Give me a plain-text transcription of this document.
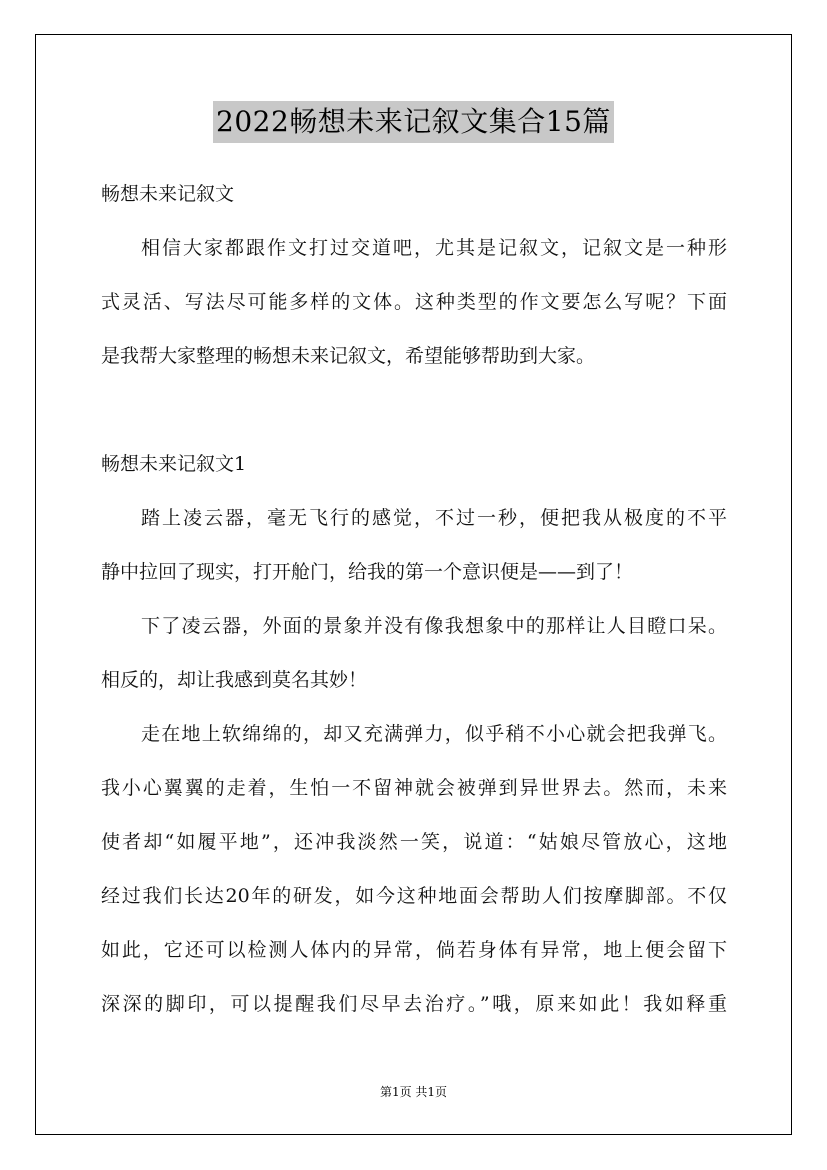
2022畅想未来记叙文集合15篇
畅想未来记叙文
相信大家都跟作文打过交道吧，尤其是记叙文，记叙文是一种形
式灵活、写法尽可能多样的文体。这种类型的作文要怎么写呢？下面
是我帮大家整理的畅想未来记叙文，希望能够帮助到大家。
畅想未来记叙文1
踏上凌云器，毫无飞行的感觉，不过一秒，便把我从极度的不平
静中拉回了现实，打开舱门，给我的第一个意识便是——到了！
下了凌云器，外面的景象并没有像我想象中的那样让人目瞪口呆。
相反的，却让我感到莫名其妙！
走在地上软绵绵的，却又充满弹力，似乎稍不小心就会把我弹飞。
我小心翼翼的走着，生怕一不留神就会被弹到异世界去。然而，未来
使者却“如履平地”，还冲我淡然一笑，说道：“姑娘尽管放心，这地
经过我们长达20年的研发，如今这种地面会帮助人们按摩脚部。不仅
如此，它还可以检测人体内的异常，倘若身体有异常，地上便会留下
深深的脚印，可以提醒我们尽早去治疗。”哦，原来如此！我如释重
第1页 共1页
